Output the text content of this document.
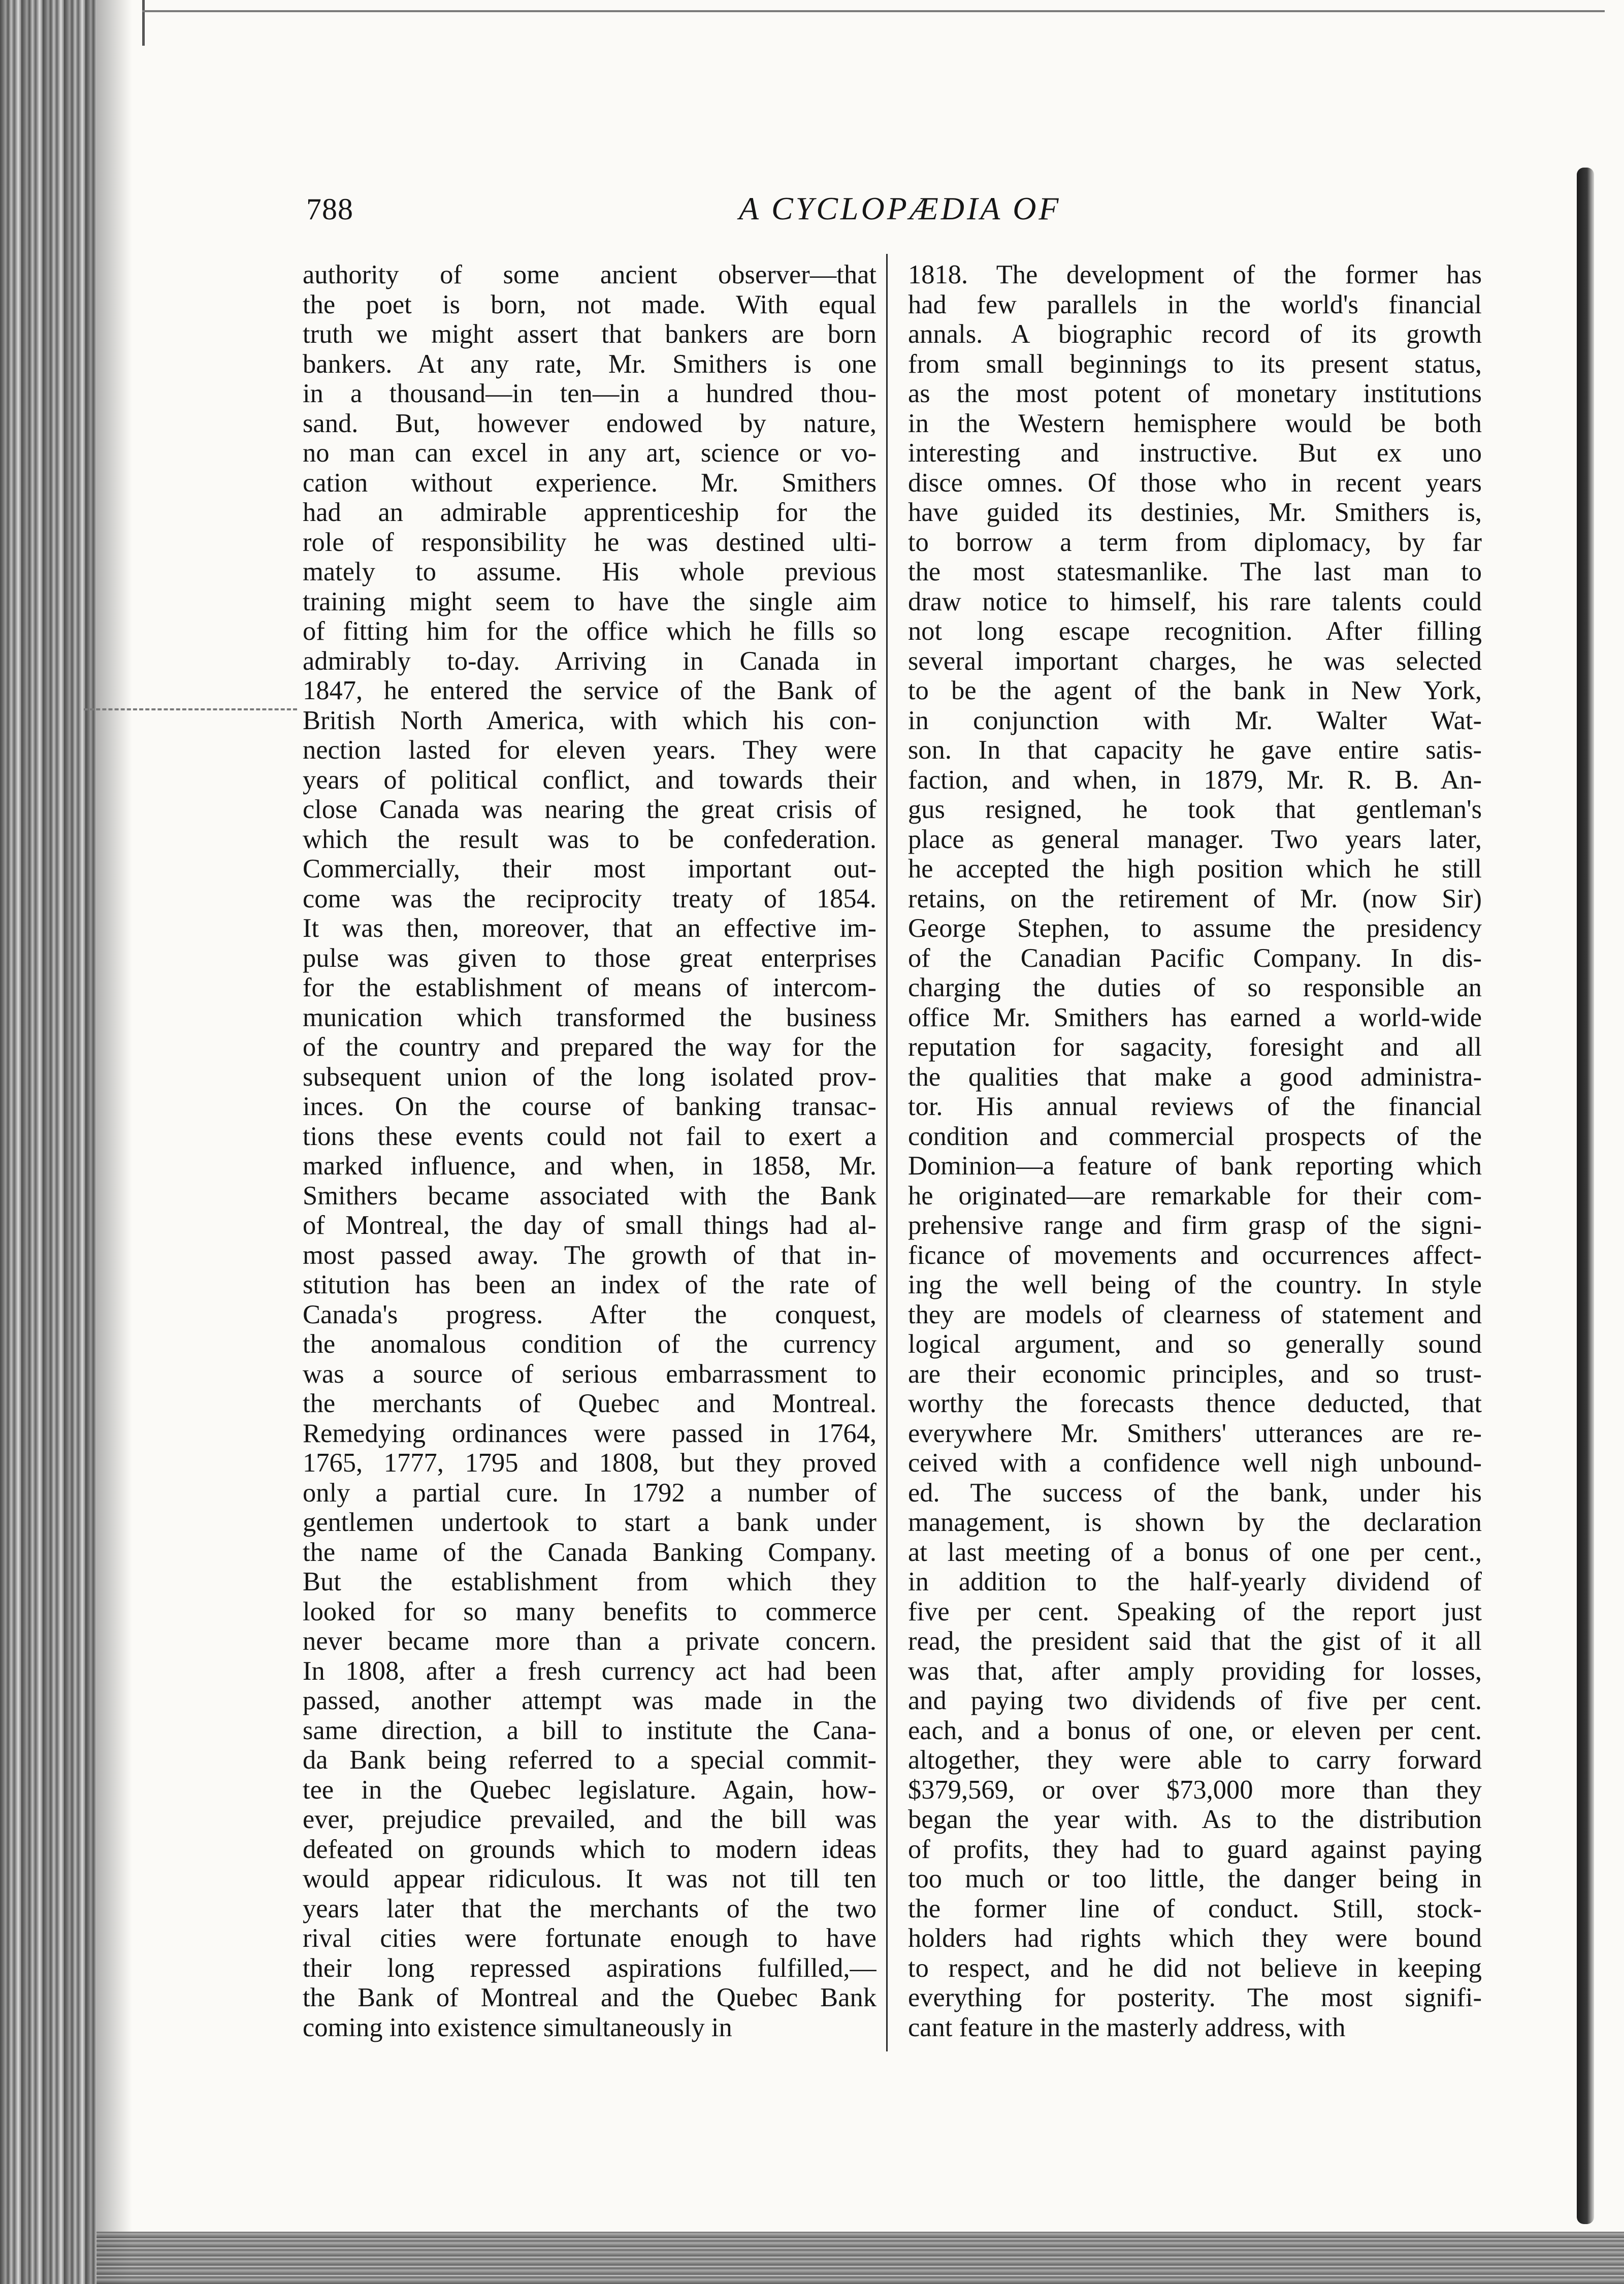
788	A CYCLOPÆDIA OF
authority of some ancient observer—that
the poet is born, not made. With equal
truth we might assert that bankers are born
bankers. At any rate, Mr. Smithers is one
in a thousand—in ten—in a hundred thou-
sand. But, however endowed by nature,
no man can excel in any art, science or vo-
cation without experience. Mr. Smithers
had an admirable apprenticeship for the
role of responsibility he was destined ulti-
mately to assume. His whole previous
training might seem to have the single aim
of fitting him for the office which he fills so
admirably to-day. Arriving in Canada in
1847, he entered the service of the Bank of
British North America, with which his con-
nection lasted for eleven years. They were
years of political conflict, and towards their
close Canada was nearing the great crisis of
which the result was to be confederation.
Commercially, their most important out-
come was the reciprocity treaty of 1854.
It was then, moreover, that an effective im-
pulse was given to those great enterprises
for the establishment of means of intercom-
munication which transformed the business
of the country and prepared the way for the
subsequent union of the long isolated prov-
inces. On the course of banking transac-
tions these events could not fail to exert a
marked influence, and when, in 1858, Mr.
Smithers became associated with the Bank
of Montreal, the day of small things had al-
most passed away. The growth of that in-
stitution has been an index of the rate of
Canada's progress. After the conquest,
the anomalous condition of the currency
was a source of serious embarrassment to
the merchants of Quebec and Montreal.
Remedying ordinances were passed in 1764,
1765, 1777, 1795 and 1808, but they proved
only a partial cure. In 1792 a number of
gentlemen undertook to start a bank under
the name of the Canada Banking Company.
But the establishment from which they
looked for so many benefits to commerce
never became more than a private concern.
In 1808, after a fresh currency act had been
passed, another attempt was made in the
same direction, a bill to institute the Cana-
da Bank being referred to a special commit-
tee in the Quebec legislature. Again, how-
ever, prejudice prevailed, and the bill was
defeated on grounds which to modern ideas
would appear ridiculous. It was not till ten
years later that the merchants of the two
rival cities were fortunate enough to have
their long repressed aspirations fulfilled,—
the Bank of Montreal and the Quebec Bank
coming into existence simultaneously in
1818. The development of the former has
had few parallels in the world's financial
annals. A biographic record of its growth
from small beginnings to its present status,
as the most potent of monetary institutions
in the Western hemisphere would be both
interesting and instructive. But ex uno
disce omnes. Of those who in recent years
have guided its destinies, Mr. Smithers is,
to borrow a term from diplomacy, by far
the most statesmanlike. The last man to
draw notice to himself, his rare talents could
not long escape recognition. After filling
several important charges, he was selected
to be the agent of the bank in New York,
in conjunction with Mr. Walter Wat-
son. In that capacity he gave entire satis-
faction, and when, in 1879, Mr. R. B. An-
gus resigned, he took that gentleman's
place as general manager. Two years later,
he accepted the high position which he still
retains, on the retirement of Mr. (now Sir)
George Stephen, to assume the presidency
of the Canadian Pacific Company. In dis-
charging the duties of so responsible an
office Mr. Smithers has earned a world-wide
reputation for sagacity, foresight and all
the qualities that make a good administra-
tor. His annual reviews of the financial
condition and commercial prospects of the
Dominion—a feature of bank reporting which
he originated—are remarkable for their com-
prehensive range and firm grasp of the signi-
ficance of movements and occurrences affect-
ing the well being of the country. In style
they are models of clearness of statement and
logical argument, and so generally sound
are their economic principles, and so trust-
worthy the forecasts thence deducted, that
everywhere Mr. Smithers' utterances are re-
ceived with a confidence well nigh unbound-
ed. The success of the bank, under his
management, is shown by the declaration
at last meeting of a bonus of one per cent.,
in addition to the half-yearly dividend of
five per cent. Speaking of the report just
read, the president said that the gist of it all
was that, after amply providing for losses,
and paying two dividends of five per cent.
each, and a bonus of one, or eleven per cent.
altogether, they were able to carry forward
$379,569, or over $73,000 more than they
began the year with. As to the distribution
of profits, they had to guard against paying
too much or too little, the danger being in
the former line of conduct. Still, stock-
holders had rights which they were bound
to respect, and he did not believe in keeping
everything for posterity. The most signifi-
cant feature in the masterly address, with
